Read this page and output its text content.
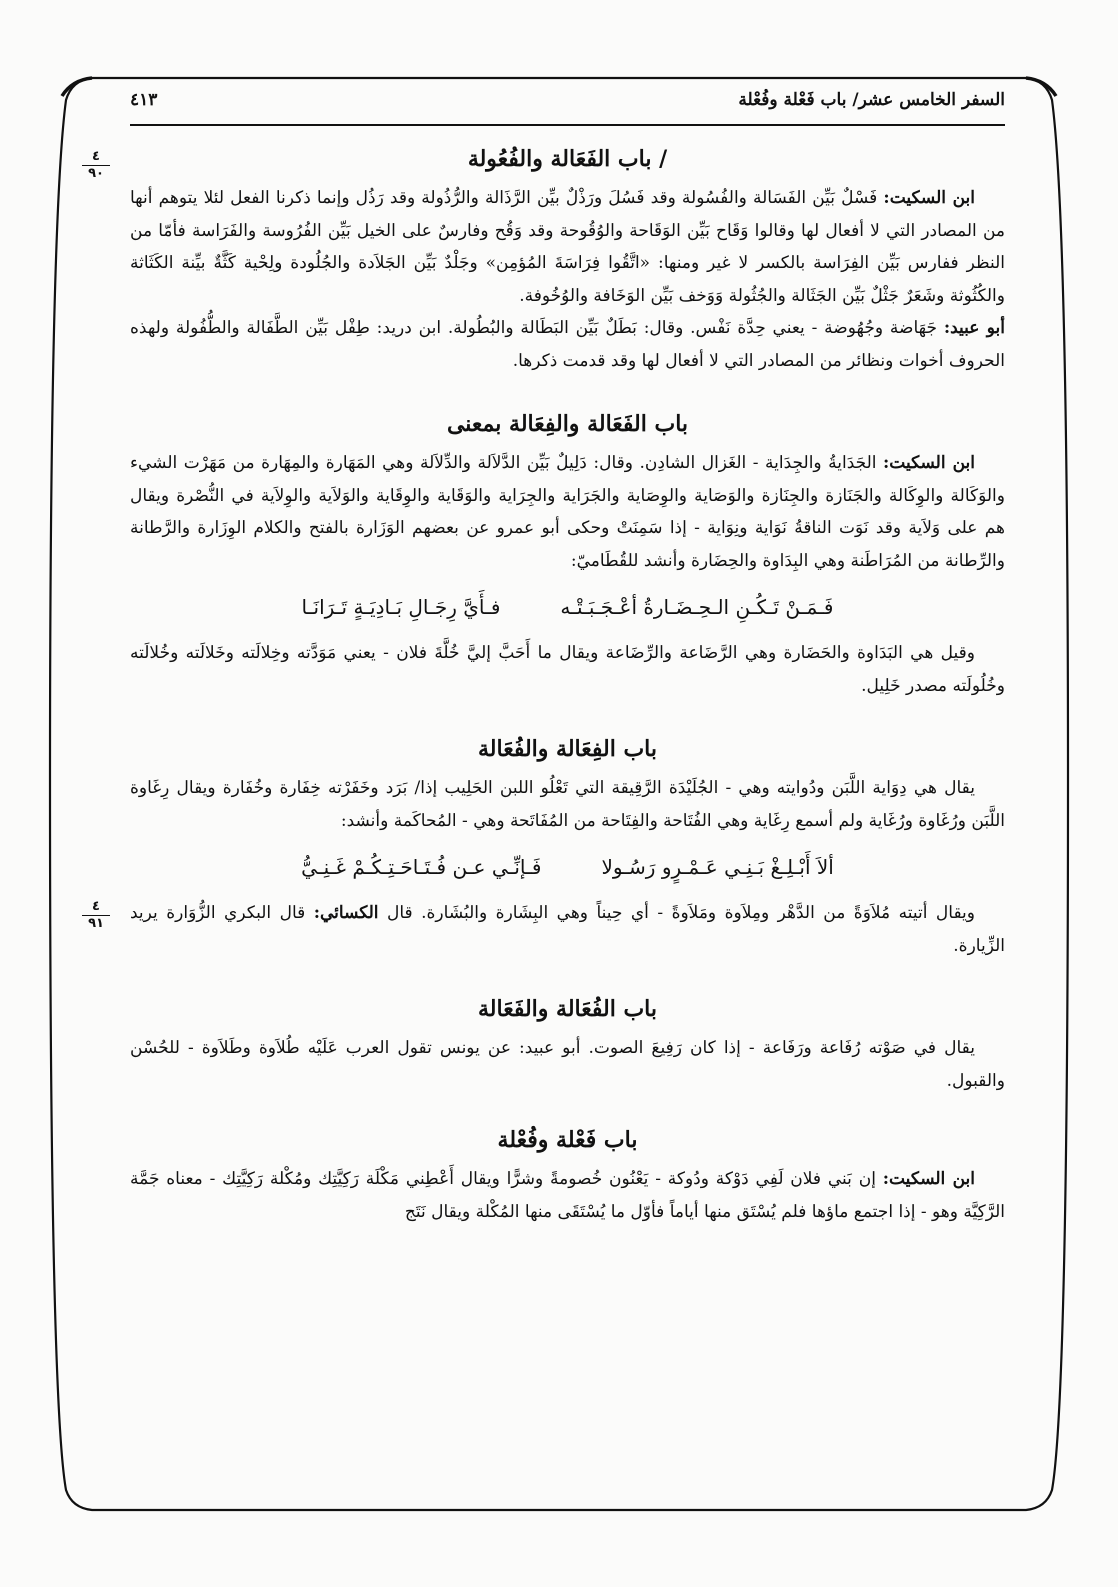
٤
٩٠
٤
٩١
السفر الخامس عشر/ باب فَعْلة وفُعْلة
٤١٣
/ باب الفَعَالة والفُعُولة

ابن السكيت: فَسْلٌ بَيِّن الفَسَالة والفُسُولة وقد فَسُلَ ورَذْلٌ بيِّن الرَّذَالة والرُّذُولة وقد رَذُل وإنما ذكرنا الفعل لئلا يتوهم أنها من المصادر التي لا أفعال لها وقالوا وَقَاح بَيِّن الوَقَاحة والوُقُوحة وقد وَقُح وفارسٌ على الخيل بَيِّن الفُرُوسة والفَرَاسة فأمّا من النظر ففارس بَيِّن الفِرَاسة بالكسر لا غير ومنها: «اتَّقُوا فِرَاسَةَ المُؤمِن» وجَلْدٌ بَيِّن الجَلاَدة والجُلُودة ولِحْية كَثَّةٌ بيِّنة الكَثَاثة والكُثُوثة وشَعَرٌ جَثْلٌ بَيِّن الجَثَالة والجُثُولة وَوَخف بَيِّن الوَخَافة والوُخُوفة.

أبو عبيد: جَهَاضة وجُهُوضة - يعني حِدَّة نَفْس. وقال: بَطَلٌ بَيِّن البَطَالة والبُطُولة. ابن دريد: طِفْل بَيِّن الطَّفَالة والطُّفُولة ولهذه الحروف أخوات ونظائر من المصادر التي لا أفعال لها وقد قدمت ذكرها.

باب الفَعَالة والفِعَالة بمعنى

ابن السكيت: الجَدَايةُ والجِدَاية - الغَزال الشادِن. وقال: دَلِيلٌ بَيِّن الدَّلاَلة والدِّلاَلة وهي المَهَارة والمِهَارة من مَهَرْت الشيء والوَكَالة والوِكَالة والجَنَازة والجِنَازة والوَصَاية والوِصَاية والجَرَاية والجِرَاية والوَقَاية والوِقَاية والوَلاَية والوِلاَية في النُّصْرة ويقال هم على وَلاَية وقد نَوَت الناقةُ نَوَاية ونِوَاية - إذا سَمِنَتْ وحكى أبو عمرو عن بعضهم الوَزَارة بالفتح والكلام الوِزَارة والرَّطانة والرِّطانة من المُرَاطَنة وهي البِدَاوة والحِضَارة وأنشد للقُطَاميّ:

فَـمَـنْ تَـكُـنِ الـحِـضَـارةُ أعْـجَـبَـتْـه
فـأَيَّ رِجَـالِ بَـادِيَـةٍ تَـرَانَـا

وقيل هي البَدَاوة والحَضَارة وهي الرَّضَاعة والرِّضَاعة ويقال ما أَحَبَّ إليَّ خُلَّةَ فلان - يعني مَوَدَّته وخِلالَته وخَلالَته وخُلالَته وخُلُولَته مصدر خَلِيل.

باب الفِعَالة والفُعَالة

يقال هي دِوَاية اللَّبَن ودُوايته وهي - الجُلَيْدَة الرَّقِيقة التي تَعْلُو اللبن الحَلِيب إذا/ بَرَد وخَفَرْته خِفَارة وخُفَارة ويقال رِغَاوة اللَّبَن ورُغَاوة ورُغَاية ولم أسمع رِغَاية وهي الفُتَاحة والفِتَاحة من المُفَاتَحة وهي - المُحاكَمة وأنشد:

ألاَ أَبْـلِـغْ بَـنِـي عَـمْـرٍو رَسُـولا
فَـإنِّـي عـن فُـتَـاحَـتِـكُـمْ غَـنِـيُّ

ويقال أتيته مُلاَوَةً من الدَّهْر ومِلاَوة ومَلاَوةً - أي حِيناً وهي البِشَارة والبُشَارة. قال الكسائي: قال البكري الزُّوَارة يريد الزِّيارة.

باب الفُعَالة والفَعَالة

يقال في صَوْته رُفَاعة ورَفَاعة - إذا كان رَفِيعَ الصوت. أبو عبيد: عن يونس تقول العرب عَلَيْه طُلاَوة وطَلاَوة - للحُسْن والقبول.

باب فَعْلة وفُعْلة

ابن السكيت: إن بَني فلان لَفِي دَوْكة ودُوكة - يَعْنُون خُصومةً وشرًّا ويقال أَعْطِني مَكْلَة رَكِيَّتِك ومُكْلة رَكِيَّتِك - معناه جَمَّة الرَّكِيَّة وهو - إذا اجتمع ماؤها فلم يُسْتَق منها أياماً فأوّل ما يُسْتَقَى منها المُكْلة ويقال نَتَج
